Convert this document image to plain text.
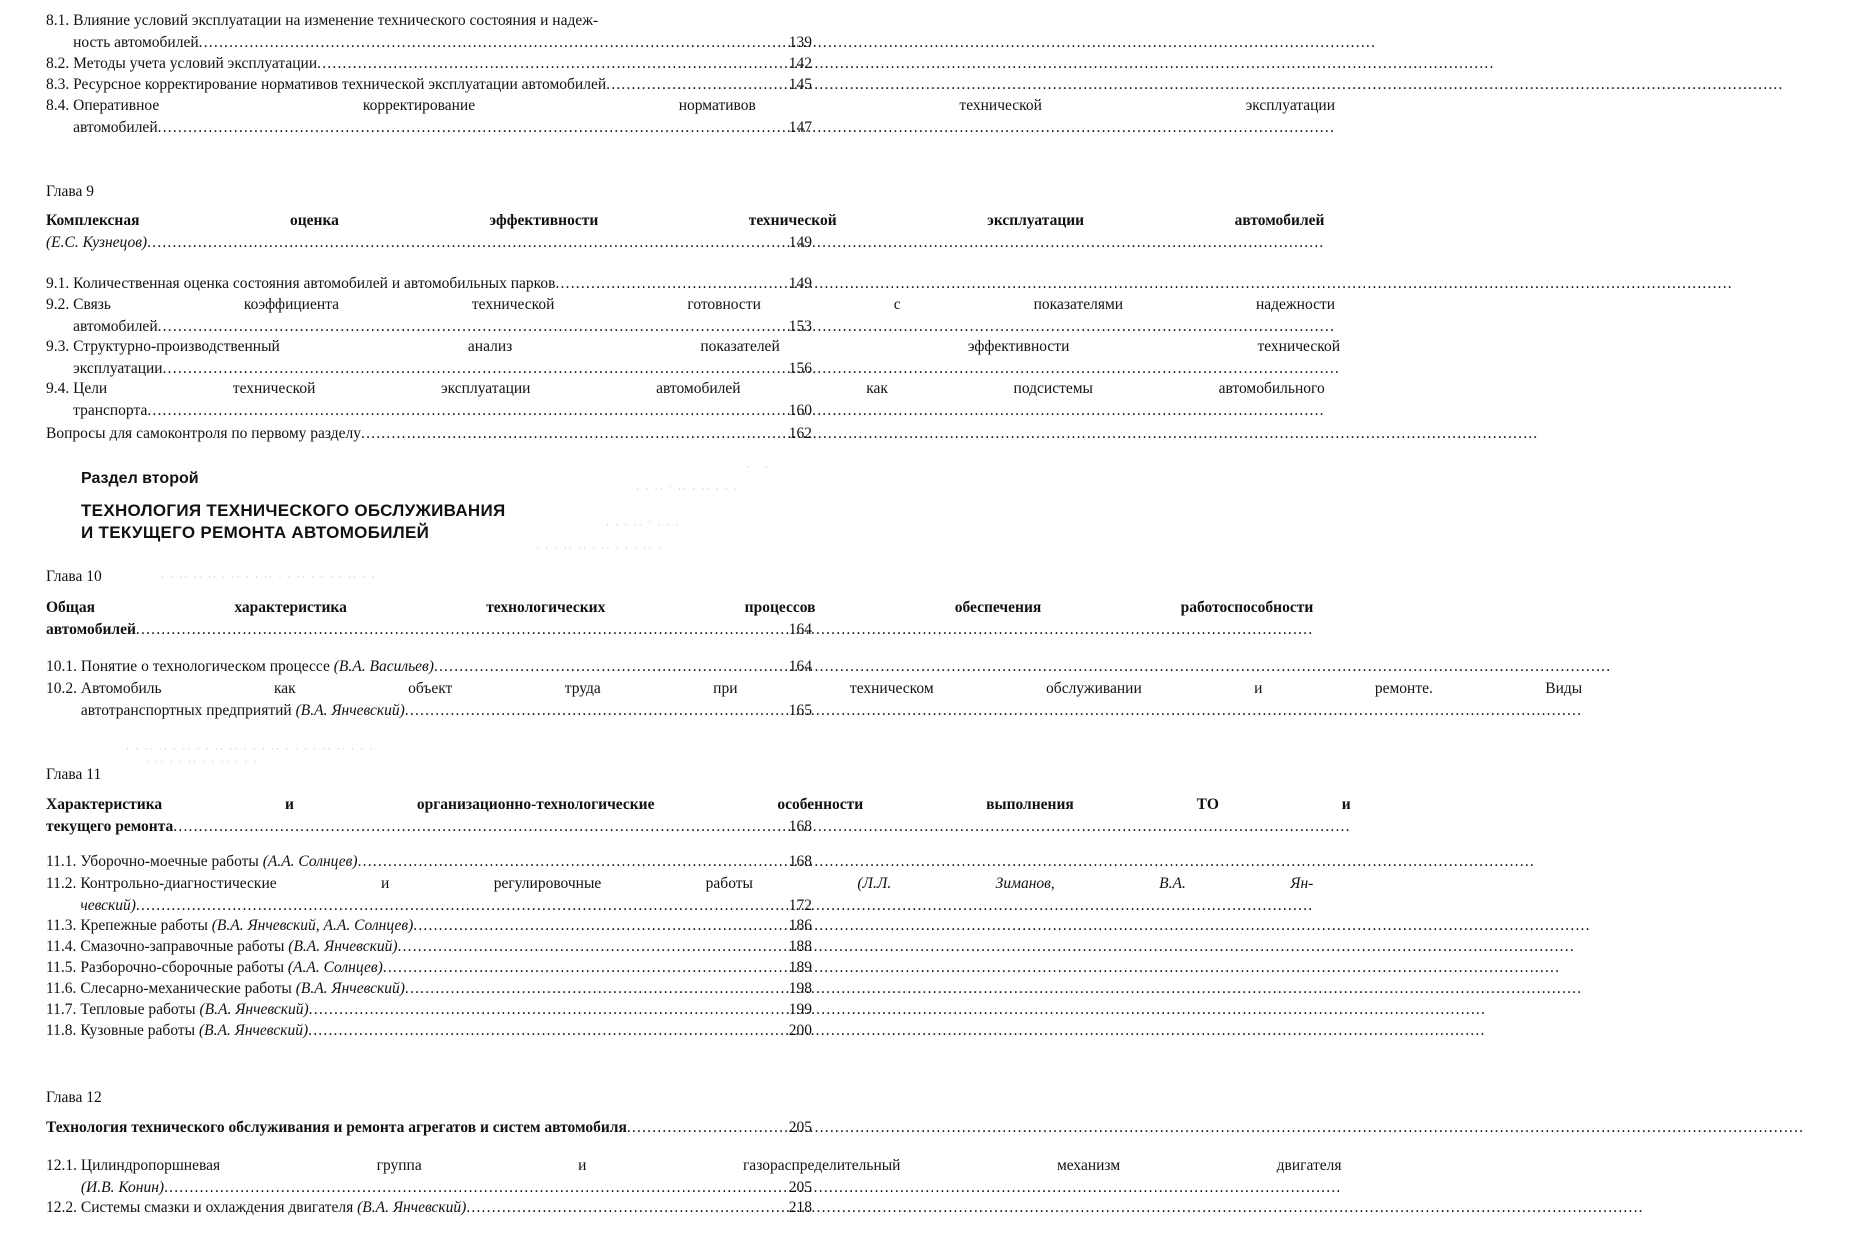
8.1. Влияние условий эксплуатации на изменение технического состояния и надеж-
ность автомобилей .....	139
8.2. Методы учета условий эксплуатации .....	142
8.3. Ресурсное корректирование нормативов технической эксплуатации автомобилей .....	145
8.4. Оперативное корректирование нормативов технической эксплуатации
автомобилей .....	147
Глава 9
Комплексная оценка эффективности технической эксплуатации автомобилей
(Е.С. Кузнецов) .....	149
9.1. Количественная оценка состояния автомобилей и автомобильных парков .....	149
9.2. Связь коэффициента технической готовности с показателями надежности
автомобилей .....	153
9.3. Структурно-производственный анализ показателей эффективности технической
эксплуатации .....	156
9.4. Цели технической эксплуатации автомобилей как подсистемы автомобильного
транспорта .....	160
Вопросы для самоконтроля по первому разделу .....	162
Раздел второй
ТЕХНОЛОГИЯ ТЕХНИЧЕСКОГО ОБСЛУЖИВАНИЯ
И ТЕКУЩЕГО РЕМОНТА АВТОМОБИЛЕЙ
· ˙ ·
· · ·· ˙ ·· · ·· · · ·
· · · ·· ˙ · · ·
· · · ·· ·· · ·· · · · ·· ·
Глава 10	· · ·· ·· ·· · ·· · · ·· · · ·· · · · · ·· · ·
Общая характеристика технологических процессов обеспечения работоспособности
автомобилей .....	164
10.1. Понятие о технологическом процессе (В.А. Васильев) .....	164
10.2. Автомобиль как объект труда при техническом обслуживании и ремонте. Виды
автотранспортных предприятий (В.А. Янчевский) .....	165
· · ·· ·· · ·· · · ·· ·· · · · ·· · · · · ·· ·· · · ·
· ·· · · ·· · · ·· · · ·
Глава 11
Характеристика и организационно-технологические особенности выполнения ТО и
текущего ремонта .....	168
11.1. Уборочно-моечные работы (А.А. Солнцев) .....	168
11.2. Контрольно-диагностические и регулировочные работы (Л.Л. Зиманов, В.А. Ян-
чевский) .....	172
11.3. Крепежные работы (В.А. Янчевский, А.А. Солнцев) .....	186
11.4. Смазочно-заправочные работы (В.А. Янчевский) .....	188
11.5. Разборочно-сборочные работы (А.А. Солнцев) .....	189
11.6. Слесарно-механические работы (В.А. Янчевский) .....	198
11.7. Тепловые работы (В.А. Янчевский) .....	199
11.8. Кузовные работы (В.А. Янчевский) .....	200
Глава 12
Технология технического обслуживания и ремонта агрегатов и систем автомобиля .....	205
12.1. Цилиндропоршневая группа и газораспределительный механизм двигателя
(И.В. Конин) .....	205
12.2. Системы смазки и охлаждения двигателя (В.А. Янчевский) .....	218
